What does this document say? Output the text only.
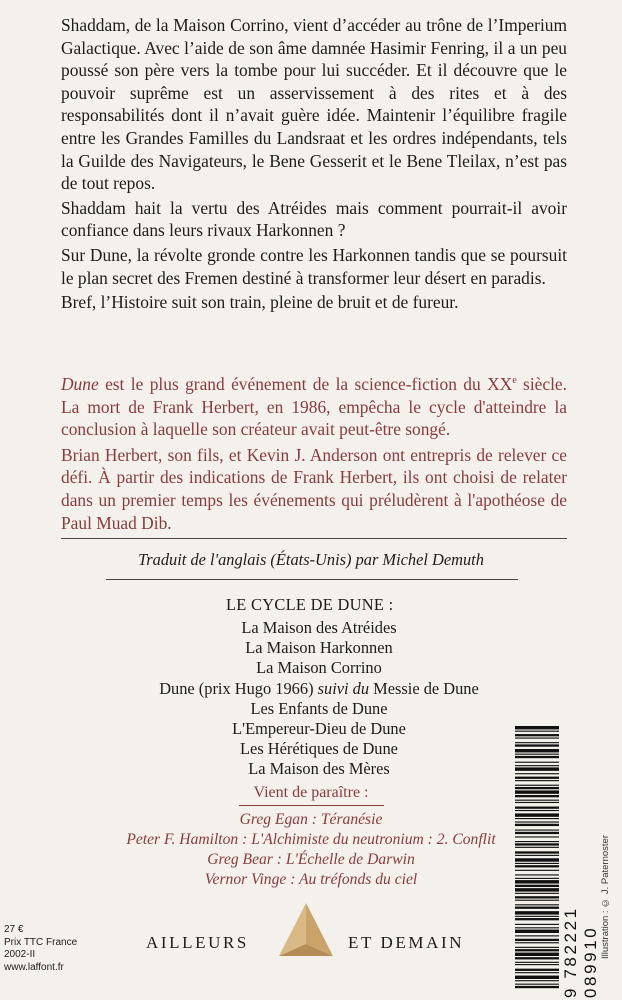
Shaddam, de la Maison Corrino, vient d’accéder au trône de l’Imperium Galactique. Avec l’aide de son âme damnée Hasimir Fenring, il a un peu poussé son père vers la tombe pour lui succéder. Et il découvre que le pouvoir suprême est un asservissement à des rites et à des responsabilités dont il n’avait guère idée. Maintenir l’équilibre fragile entre les Grandes Familles du Landsraat et les ordres indépendants, tels la Guilde des Navigateurs, le Bene Gesserit et le Bene Tleilax, n’est pas de tout repos.

Shaddam hait la vertu des Atréides mais comment pourrait-il avoir confiance dans leurs rivaux Harkonnen ?

Sur Dune, la révolte gronde contre les Harkonnen tandis que se poursuit le plan secret des Fremen destiné à transformer leur désert en paradis.

Bref, l’Histoire suit son train, pleine de bruit et de fureur.

Dune est le plus grand événement de la science-fiction du XXe siècle. La mort de Frank Herbert, en 1986, empêcha le cycle d'atteindre la conclusion à laquelle son créateur avait peut-être songé.

Brian Herbert, son fils, et Kevin J. Anderson ont entrepris de relever ce défi. À partir des indications de Frank Herbert, ils ont choisi de relater dans un premier temps les événements qui préludèrent à l'apothéose de Paul Muad Dib.

Traduit de l'anglais (États-Unis) par Michel Demuth
LE CYCLE DE DUNE :
La Maison des Atréides
La Maison Harkonnen
La Maison Corrino
Dune (prix Hugo 1966) suivi du Messie de Dune
Les Enfants de Dune
L'Empereur-Dieu de Dune
Les Hérétiques de Dune
La Maison des Mères
Vient de paraître :
Greg Egan : Téranésie
Peter F. Hamilton : L'Alchimiste du neutronium : 2. Conflit
Greg Bear : L'Échelle de Darwin
Vernor Vinge : Au tréfonds du ciel
27 €
Prix TTC France
2002-II
www.laffont.fr
AILLEURS	ET DEMAIN	9 782221 089910
Illustration : © J. Paternoster
